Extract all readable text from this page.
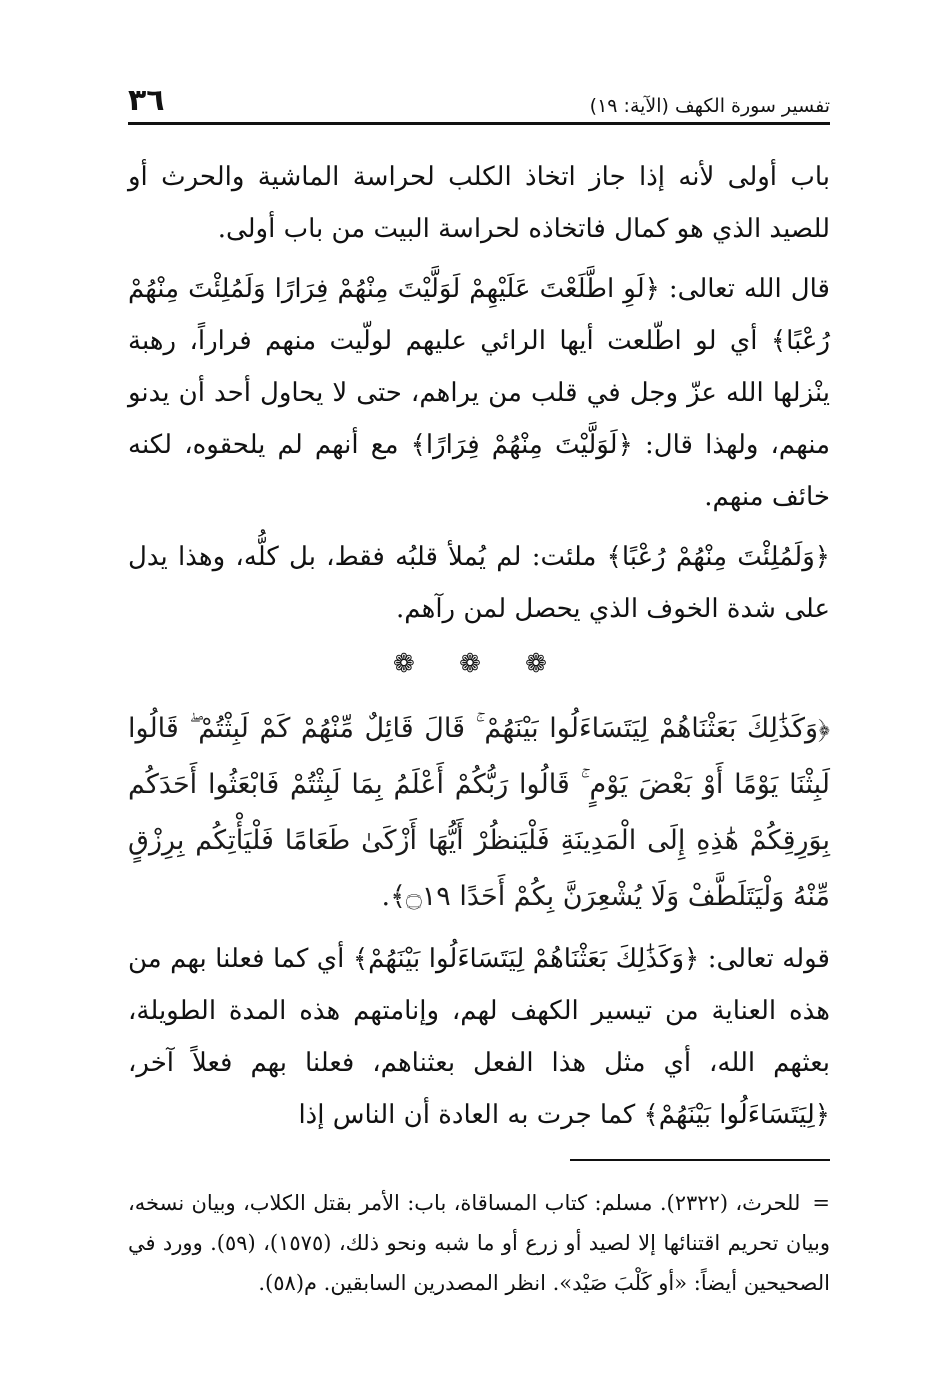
تفسير سورة الكهف (الآية: ١٩)
٣٦

باب أولى لأنه إذا جاز اتخاذ الكلب لحراسة الماشية والحرث أو للصيد الذي هو كمال فاتخاذه لحراسة البيت من باب أولى.

قال الله تعالى: ﴿لَوِ اطَّلَعْتَ عَلَيْهِمْ لَوَلَّيْتَ مِنْهُمْ فِرَارًا وَلَمُلِئْتَ مِنْهُمْ رُعْبًا﴾ أي لو اطّلعت أيها الرائي عليهم لولّيت منهم فراراً، رهبة ينْزلها الله عزّ وجل في قلب من يراهم، حتى لا يحاول أحد أن يدنو منهم، ولهذا قال: ﴿لَوَلَّيْتَ مِنْهُمْ فِرَارًا﴾ مع أنهم لم يلحقوه، لكنه خائف منهم.

﴿وَلَمُلِئْتَ مِنْهُمْ رُعْبًا﴾ ملئت: لم يُملأ قلبُه فقط، بل كلُّه، وهذا يدل على شدة الخوف الذي يحصل لمن رآهم.

❁ ❁ ❁

﴿وَكَذَٰلِكَ بَعَثْنَاهُمْ لِيَتَسَاءَلُوا بَيْنَهُمْ ۚ قَالَ قَائِلٌ مِّنْهُمْ كَمْ لَبِثْتُمْ ۖ قَالُوا لَبِثْنَا يَوْمًا أَوْ بَعْضَ يَوْمٍ ۚ قَالُوا رَبُّكُمْ أَعْلَمُ بِمَا لَبِثْتُمْ فَابْعَثُوا أَحَدَكُم بِوَرِقِكُمْ هَٰذِهِ إِلَى الْمَدِينَةِ فَلْيَنظُرْ أَيُّهَا أَزْكَىٰ طَعَامًا فَلْيَأْتِكُم بِرِزْقٍ مِّنْهُ وَلْيَتَلَطَّفْ وَلَا يُشْعِرَنَّ بِكُمْ أَحَدًا ۝١٩﴾.

قوله تعالى: ﴿وَكَذَٰلِكَ بَعَثْنَاهُمْ لِيَتَسَاءَلُوا بَيْنَهُمْ﴾ أي كما فعلنا بهم من هذه العناية من تيسير الكهف لهم، وإنامتهم هذه المدة الطويلة، بعثهم الله، أي مثل هذا الفعل بعثناهم، فعلنا بهم فعلاً آخر، ﴿لِيَتَسَاءَلُوا بَيْنَهُمْ﴾ كما جرت به العادة أن الناس إذا

=للحرث، (٢٣٢٢). مسلم: كتاب المساقاة، باب: الأمر بقتل الكلاب، وبيان نسخه، وبيان تحريم اقتنائها إلا لصيد أو زرع أو ما شبه ونحو ذلك، (١٥٧٥)، (٥٩). وورد في الصحيحين أيضاً: «أو كَلْبَ صَيْد». انظر المصدرين السابقين. م(٥٨).
